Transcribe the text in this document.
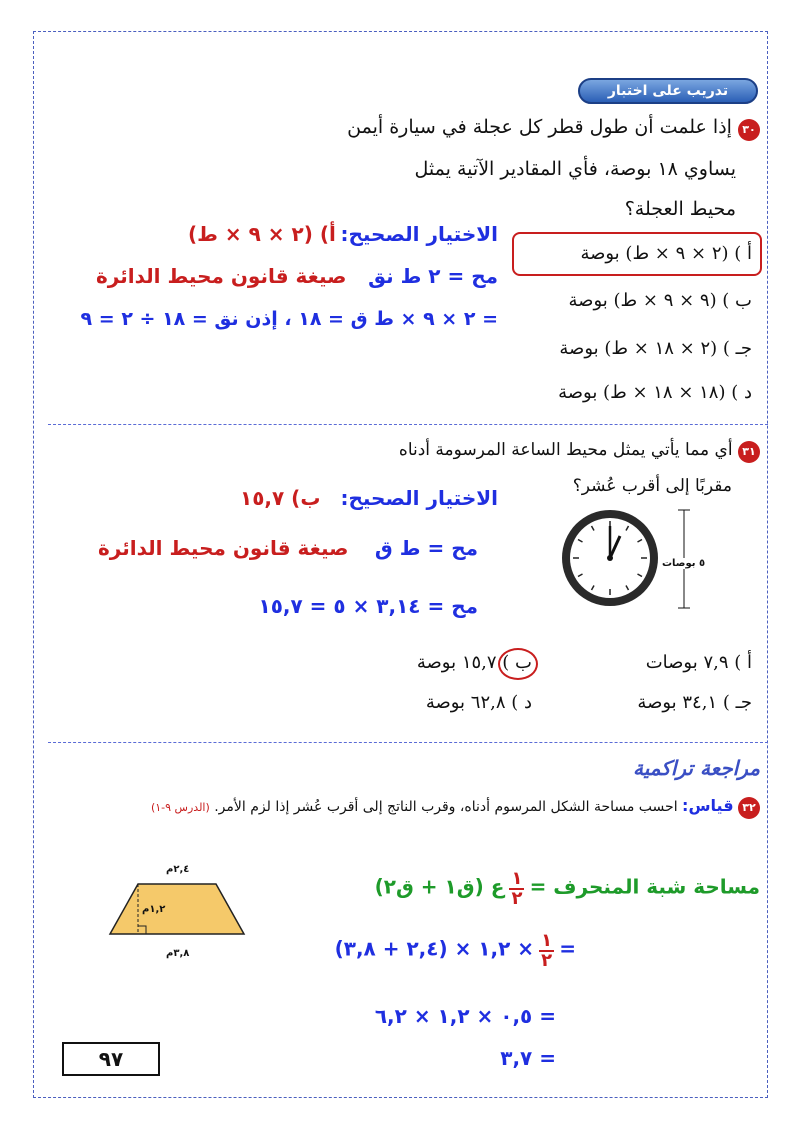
تدريب على اختبار
٣٠ إذا علمت أن طول قطر كل عجلة في سيارة أيمن
يساوي ١٨ بوصة، فأي المقادير الآتية يمثل
محيط العجلة؟
أ ) (٢ × ٩ × ط) بوصة
ب ) (٩ × ٩ × ط) بوصة
جـ ) (٢ × ١٨ × ط) بوصة
د ) (١٨ × ١٨ × ط) بوصة
الاختيار الصحيح:
أ) (٢ × ٩ × ط)
مح = ٢ ط نق
صيغة قانون محيط الدائرة
= ٢ × ٩ × ط ق = ١٨ ، إذن نق = ١٨ ÷ ٢ = ٩
٣١ أي مما يأتي يمثل محيط الساعة المرسومة أدناه
مقربًا إلى أقرب عُشر؟
الاختيار الصحيح:
ب) ١٥,٧
مح = ط ق
صيغة قانون محيط الدائرة
مح = ٣,١٤ × ٥ = ١٥,٧
٥ بوصات
أ ) ٧,٩ بوصات
ب ) ١٥,٧ بوصة
جـ ) ٣٤,١ بوصة
د ) ٦٢,٨ بوصة
مراجعة تراكمية
٣٢ قياس: احسب مساحة الشكل المرسوم أدناه، وقرب الناتج إلى أقرب عُشر إذا لزم الأمر. (الدرس ٩-١)
٢,٤م
١,٢م
٣,٨م
مساحة شبة المنحرف =
١
٢
ع (ق١ + ق٢)
=
١
٢
× ١,٢ × (٢,٤ + ٣,٨)
= ٠,٥ × ١,٢ × ٦,٢
= ٣,٧
٩٧
